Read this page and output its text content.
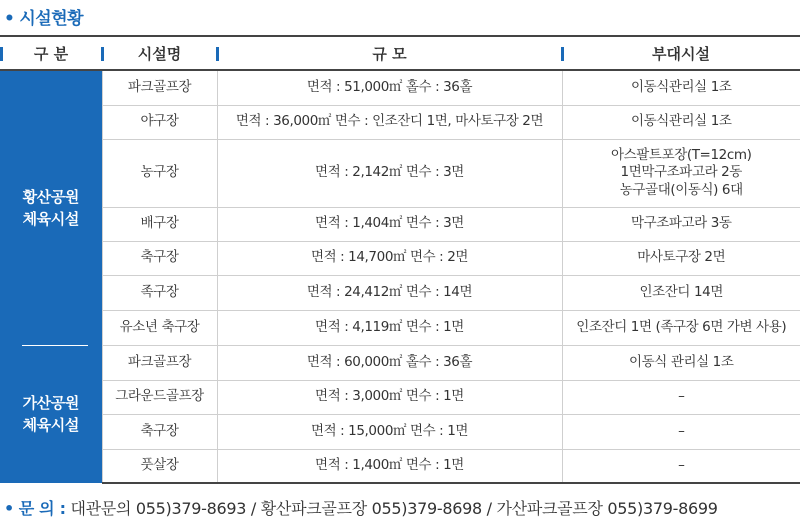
• 시설현황
구 분	시설명	규 모	부대시설
황산공원
체육시설	파크골프장	면적 : 51,000㎡ 홀수 : 36홀	이동식관리실 1조
	야구장	면적 : 36,000㎡ 면수 : 인조잔디 1면, 마사토구장 2면	이동식관리실 1조
	농구장	면적 : 2,142㎡ 면수 : 3면	아스팔트포장(T=12cm)
1면막구조파고라 2동
농구골대(이동식) 6대
	배구장	면적 : 1,404㎡ 면수 : 3면	막구조파고라 3동
	축구장	면적 : 14,700㎡ 면수 : 2면	마사토구장 2면
	족구장	면적 : 24,412㎡ 면수 : 14면	인조잔디 14면
	유소년 축구장	면적 : 4,119㎡ 면수 : 1면	인조잔디 1면 (족구장 6면 가변 사용)

가산공원
체육시설	파크골프장	면적 : 60,000㎡ 홀수 : 36홀	이동식 관리실 1조
	그라운드골프장	면적 : 3,000㎡ 면수 : 1면	–
	축구장	면적 : 15,000㎡ 면수 : 1면	–
	풋살장	면적 : 1,400㎡ 면수 : 1면	–
• 문 의 : 대관문의 055)379-8693 / 황산파크골프장 055)379-8698 / 가산파크골프장 055)379-8699
